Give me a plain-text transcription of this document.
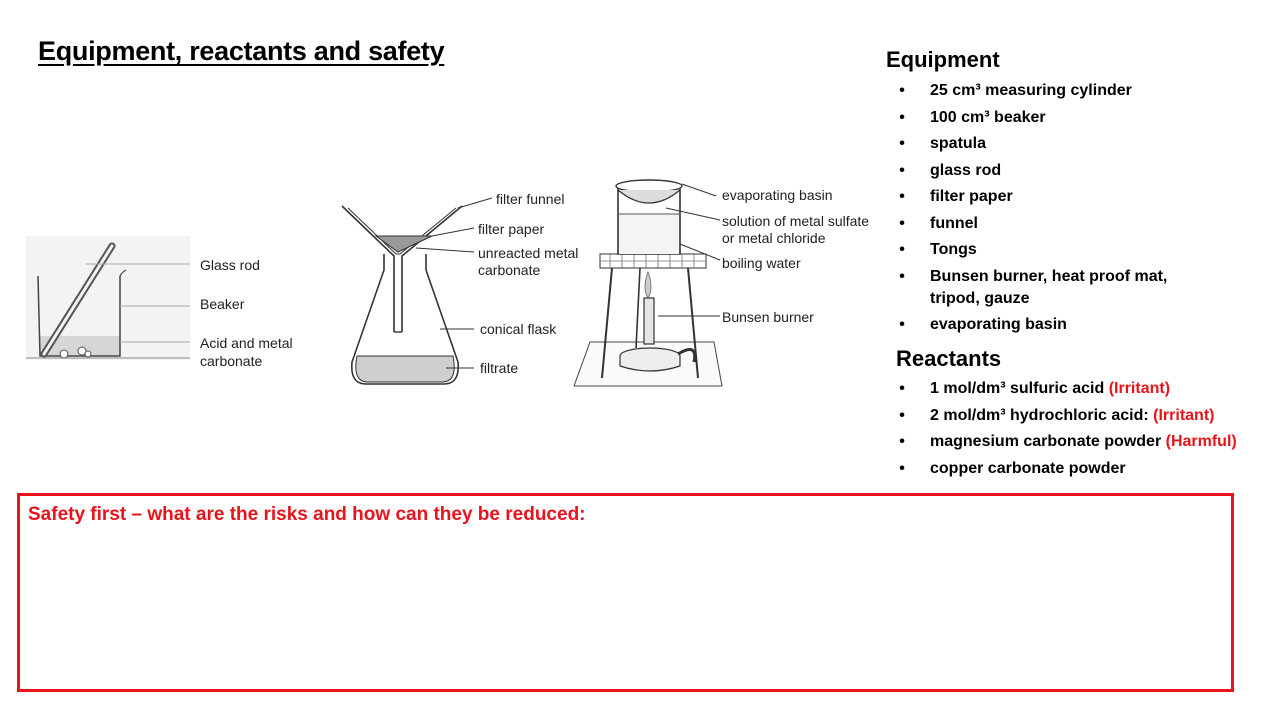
Equipment, reactants and safety
Glass rod
Beaker
Acid and metal
carbonate
filter funnel
filter paper
unreacted metal
carbonate
conical flask
filtrate
evaporating basin
solution of metal sulfate
or metal chloride
boiling water
Bunsen burner
Equipment
•	25 cm³ measuring cylinder
•	100 cm³ beaker
•	spatula
•	glass rod
•	filter paper
•	funnel
•	Tongs
•	Bunsen burner, heat proof mat,
tripod, gauze
•	evaporating basin
Reactants
•	1 mol/dm³ sulfuric acid (Irritant)
•	2 mol/dm³ hydrochloric acid: (Irritant)
•	magnesium carbonate powder (Harmful)
•	copper carbonate powder
Safety first – what are the risks and how can they be reduced:
